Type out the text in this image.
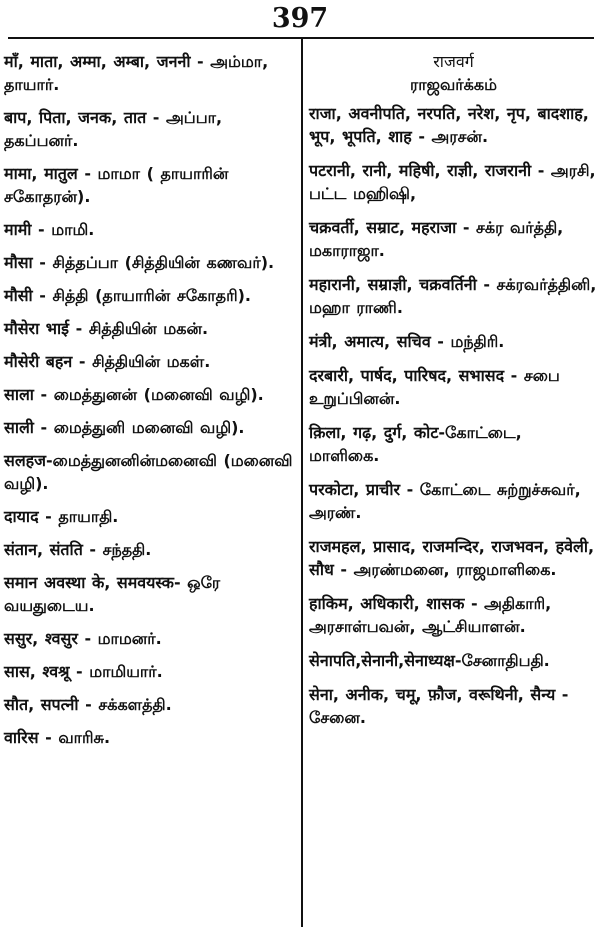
397
माँ, माता, अम्मा, अम्बा, जननी - அம்மா, தாயார்.
बाप, पिता, जनक, तात - அப்பா, தகப்பனர்.
मामा, मातुल - மாமா ( தாயாரின் சகோதரன்).
मामी - மாமி.
मौसा - சித்தப்பா (சித்தியின் கணவர்).
मौसी - சித்தி (தாயாரின் சகோதரி).
मौसेरा भाई - சித்தியின் மகன்.
मौसेरी बहन - சித்தியின் மகள்.
साला - மைத்துனன் (மனைவி வழி).
साली - மைத்துனி மனைவி வழி).
सलहज-மைத்துனனின்மனைவி (மனைவி வழி).
दायाद - தாயாதி.
संतान, संतति - சந்ததி.
समान अवस्था के, समवयस्क- ஒரே வயதுடைய.
ससुर, श्वसुर - மாமனர்.
सास, श्वश्रू - மாமியார்.
सौत, सपत्नी - சக்களத்தி.
वारिस - வாரிசு.
राजवर्ग
ராஜவர்க்கம்
राजा, अवनीपति, नरपति, नरेश, नृप, बादशाह, भूप, भूपति, शाह - அரசன்.
पटरानी, रानी, महिषी, राज्ञी, राजरानी - அரசி, பட்ட மஹிஷி,
चक्रवर्ती, सम्राट, महराजा - சக்ர வர்த்தி, மகாராஜா.
महारानी, सम्राज्ञी, चक्रवर्तिनी - சக்ரவர்த்தினி, மஹா ராணி.
मंत्री, अमात्य, सचिव - மந்திரி.
दरबारी, पार्षद, पारिषद, सभासद - சபை உறுப்பினன்.
क़िला, गढ़, दुर्ग, कोट-கோட்டை, மாளிகை.
परकोटा, प्राचीर - கோட்டை சுற்றுச்சுவர், அரண்.
राजमहल, प्रासाद, राजमन्दिर, राजभवन, हवेली, सौध - அரண்மனை, ராஜமாளிகை.
हाकिम, अधिकारी, शासक - அதிகாரி, அரசாள்பவன், ஆட்சியாளன்.
सेनापति,सेनानी,सेनाध्यक्ष-சேனாதிபதி.
सेना, अनीक, चमू, फ़ौज, वरूथिनी, सैन्य - சேனை.
